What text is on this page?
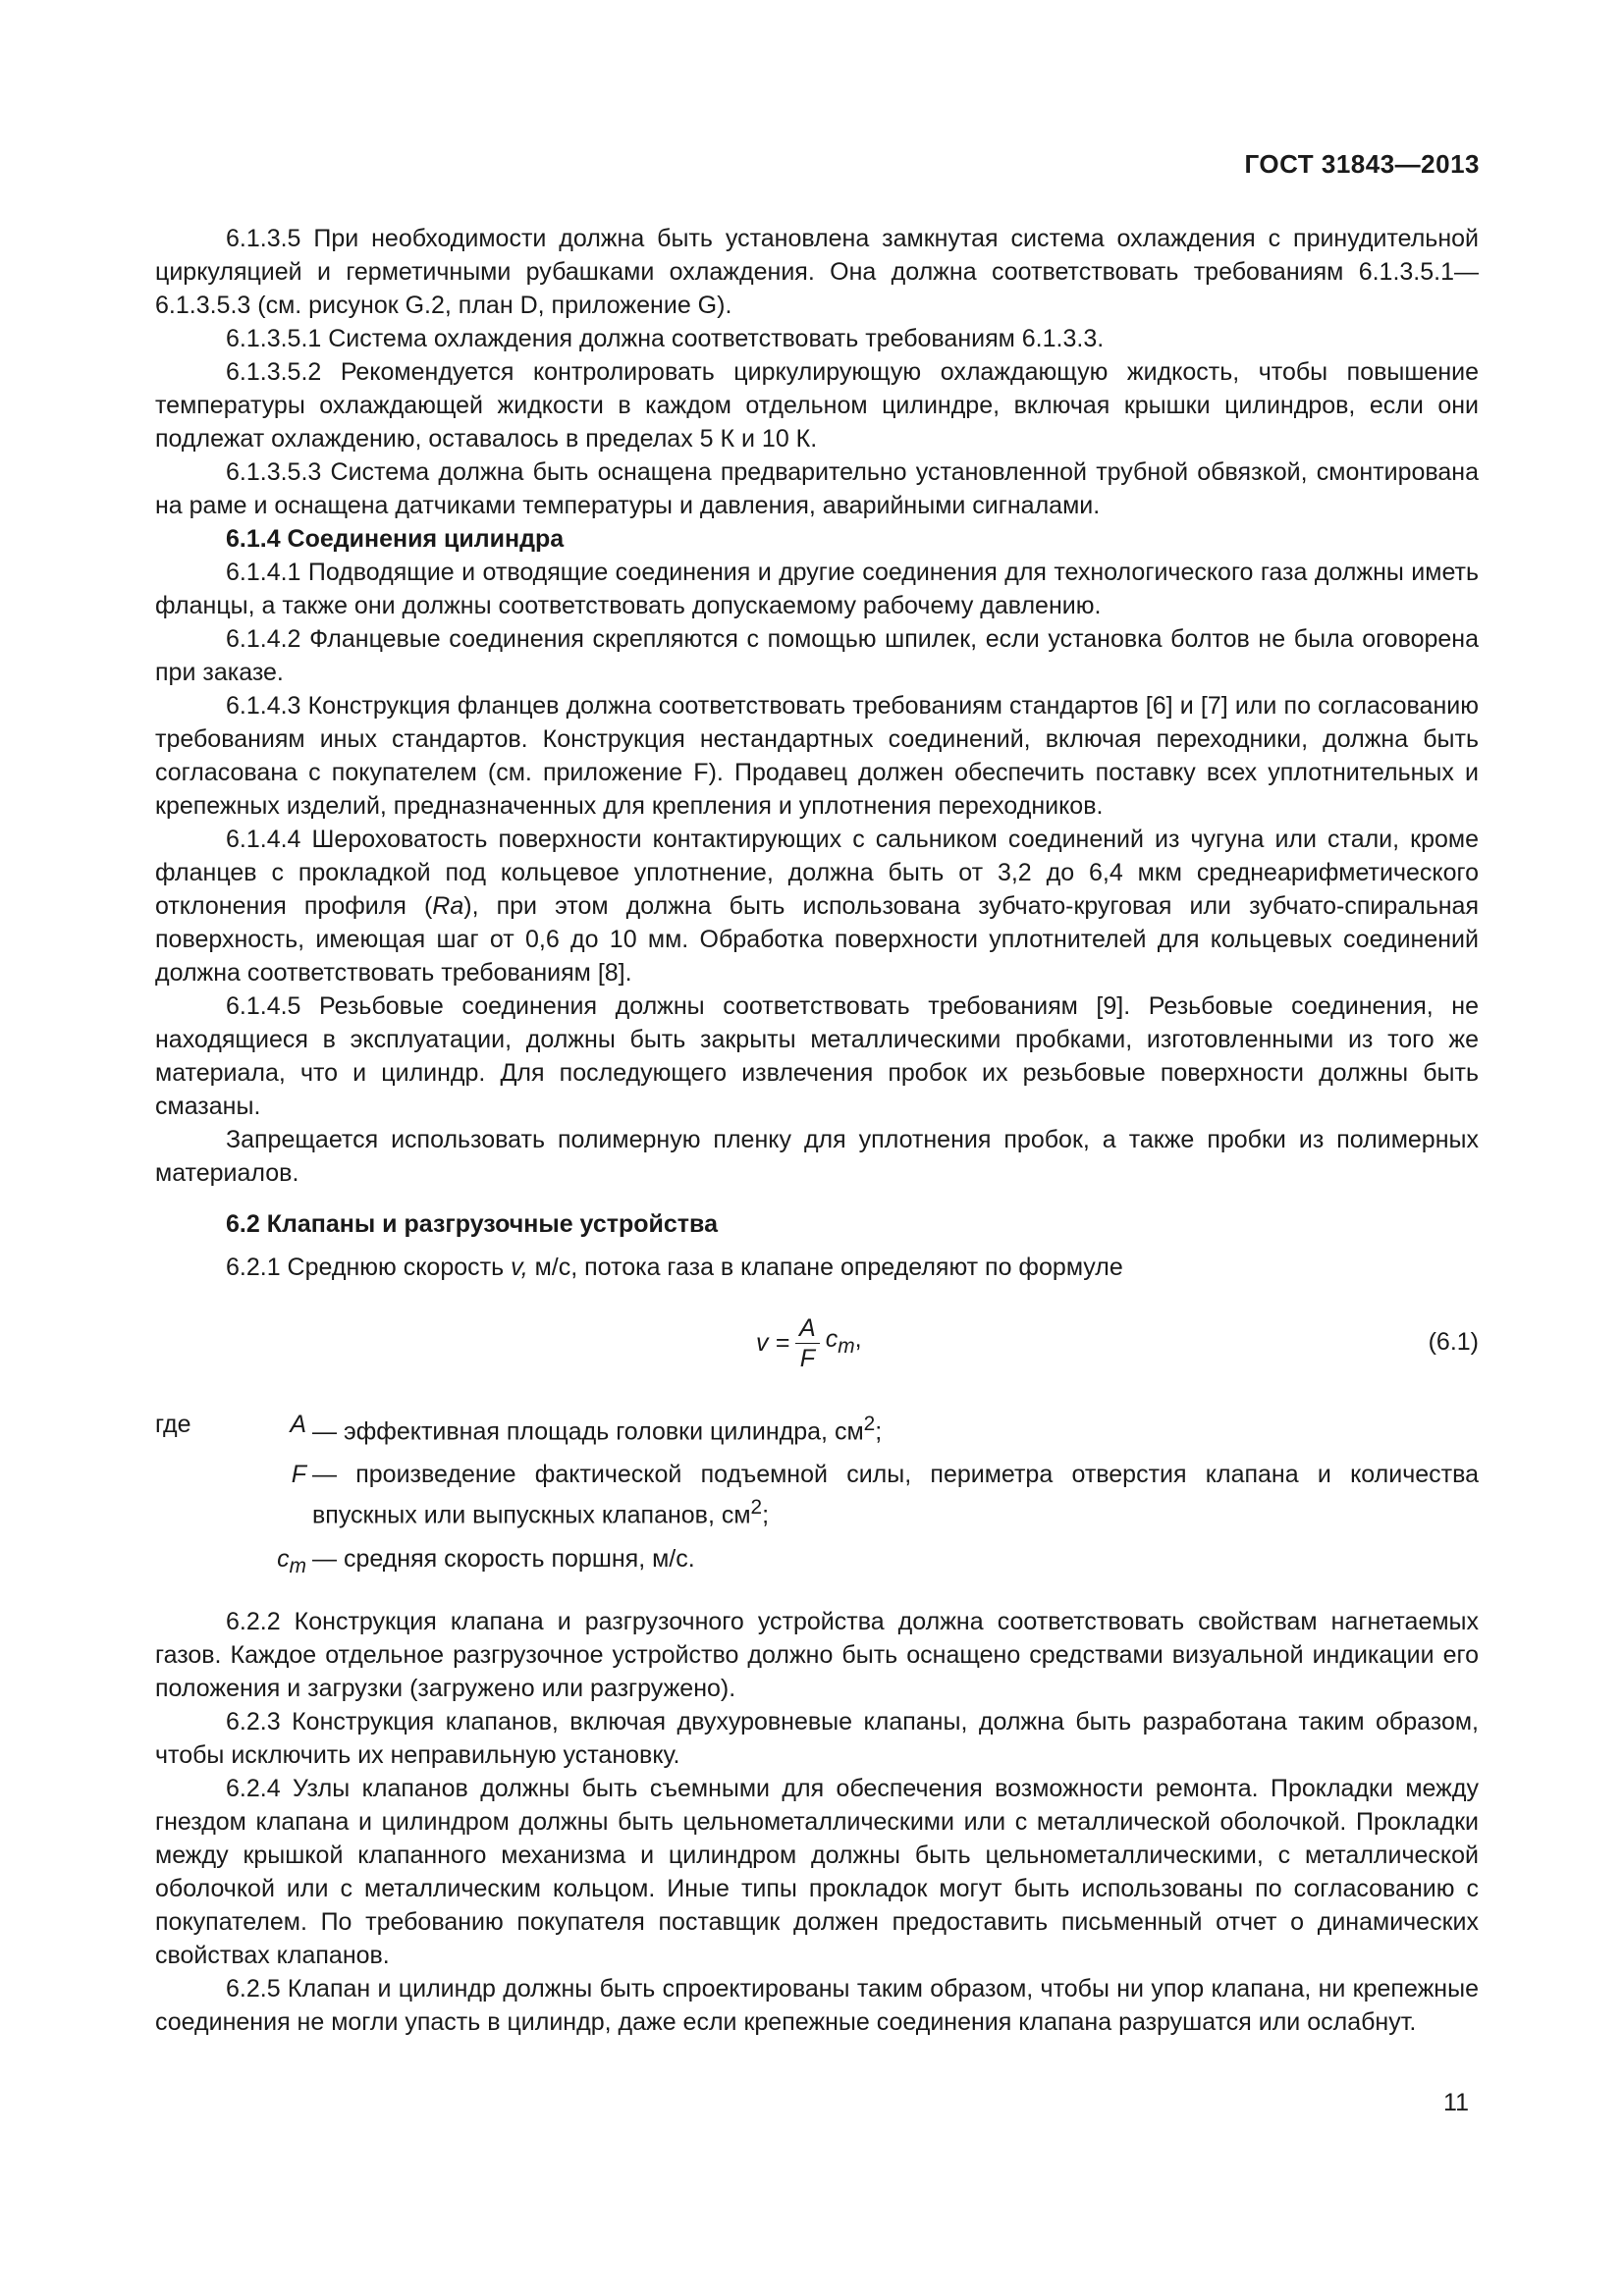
ГОСТ 31843—2013

6.1.3.5 При необходимости должна быть установлена замкнутая система охлаждения с принудительной циркуляцией и герметичными рубашками охлаждения. Она должна соответствовать требованиям 6.1.3.5.1—6.1.3.5.3 (см. рисунок G.2, план D, приложение G).

6.1.3.5.1 Система охлаждения должна соответствовать требованиям 6.1.3.3.

6.1.3.5.2 Рекомендуется контролировать циркулирующую охлаждающую жидкость, чтобы повышение температуры охлаждающей жидкости в каждом отдельном цилиндре, включая крышки цилиндров, если они подлежат охлаждению, оставалось в пределах 5 К и 10 К.

6.1.3.5.3 Система должна быть оснащена предварительно установленной трубной обвязкой, смонтирована на раме и оснащена датчиками температуры и давления, аварийными сигналами.

6.1.4 Соединения цилиндра

6.1.4.1 Подводящие и отводящие соединения и другие соединения для технологического газа должны иметь фланцы, а также они должны соответствовать допускаемому рабочему давлению.

6.1.4.2 Фланцевые соединения скрепляются с помощью шпилек, если установка болтов не была оговорена при заказе.

6.1.4.3 Конструкция фланцев должна соответствовать требованиям стандартов [6] и [7] или по согласованию требованиям иных стандартов. Конструкция нестандартных соединений, включая переходники, должна быть согласована с покупателем (см. приложение F). Продавец должен обеспечить поставку всех уплотнительных и крепежных изделий, предназначенных для крепления и уплотнения переходников.

6.1.4.4 Шероховатость поверхности контактирующих с сальником соединений из чугуна или стали, кроме фланцев с прокладкой под кольцевое уплотнение, должна быть от 3,2 до 6,4 мкм среднеарифметического отклонения профиля (Ra), при этом должна быть использована зубчато-круговая или зубчато-спиральная поверхность, имеющая шаг от 0,6 до 10 мм. Обработка поверхности уплотнителей для кольцевых соединений должна соответствовать требованиям [8].

6.1.4.5 Резьбовые соединения должны соответствовать требованиям [9]. Резьбовые соединения, не находящиеся в эксплуатации, должны быть закрыты металлическими пробками, изготовленными из того же материала, что и цилиндр. Для последующего извлечения пробок их резьбовые поверхности должны быть смазаны.

Запрещается использовать полимерную пленку для уплотнения пробок, а также пробки из полимерных материалов.

6.2 Клапаны и разгрузочные устройства

6.2.1 Среднюю скорость v, м/с, потока газа в клапане определяют по формуле

$v = \frac{A}{F} c_m$,	(6.1)
где	A — эффективная площадь головки цилиндра, $см^2$;
F — произведение фактической подъемной силы, периметра отверстия клапана и количества впускных или выпускных клапанов, $см^2$;
$c_m$ — средняя скорость поршня, м/с.

6.2.2 Конструкция клапана и разгрузочного устройства должна соответствовать свойствам нагнетаемых газов. Каждое отдельное разгрузочное устройство должно быть оснащено средствами визуальной индикации его положения и загрузки (загружено или разгружено).

6.2.3 Конструкция клапанов, включая двухуровневые клапаны, должна быть разработана таким образом, чтобы исключить их неправильную установку.

6.2.4 Узлы клапанов должны быть съемными для обеспечения возможности ремонта. Прокладки между гнездом клапана и цилиндром должны быть цельнометаллическими или с металлической оболочкой. Прокладки между крышкой клапанного механизма и цилиндром должны быть цельнометаллическими, с металлической оболочкой или с металлическим кольцом. Иные типы прокладок могут быть использованы по согласованию с покупателем. По требованию покупателя поставщик должен предоставить письменный отчет о динамических свойствах клапанов.

6.2.5 Клапан и цилиндр должны быть спроектированы таким образом, чтобы ни упор клапана, ни крепежные соединения не могли упасть в цилиндр, даже если крепежные соединения клапана разрушатся или ослабнут.

11
